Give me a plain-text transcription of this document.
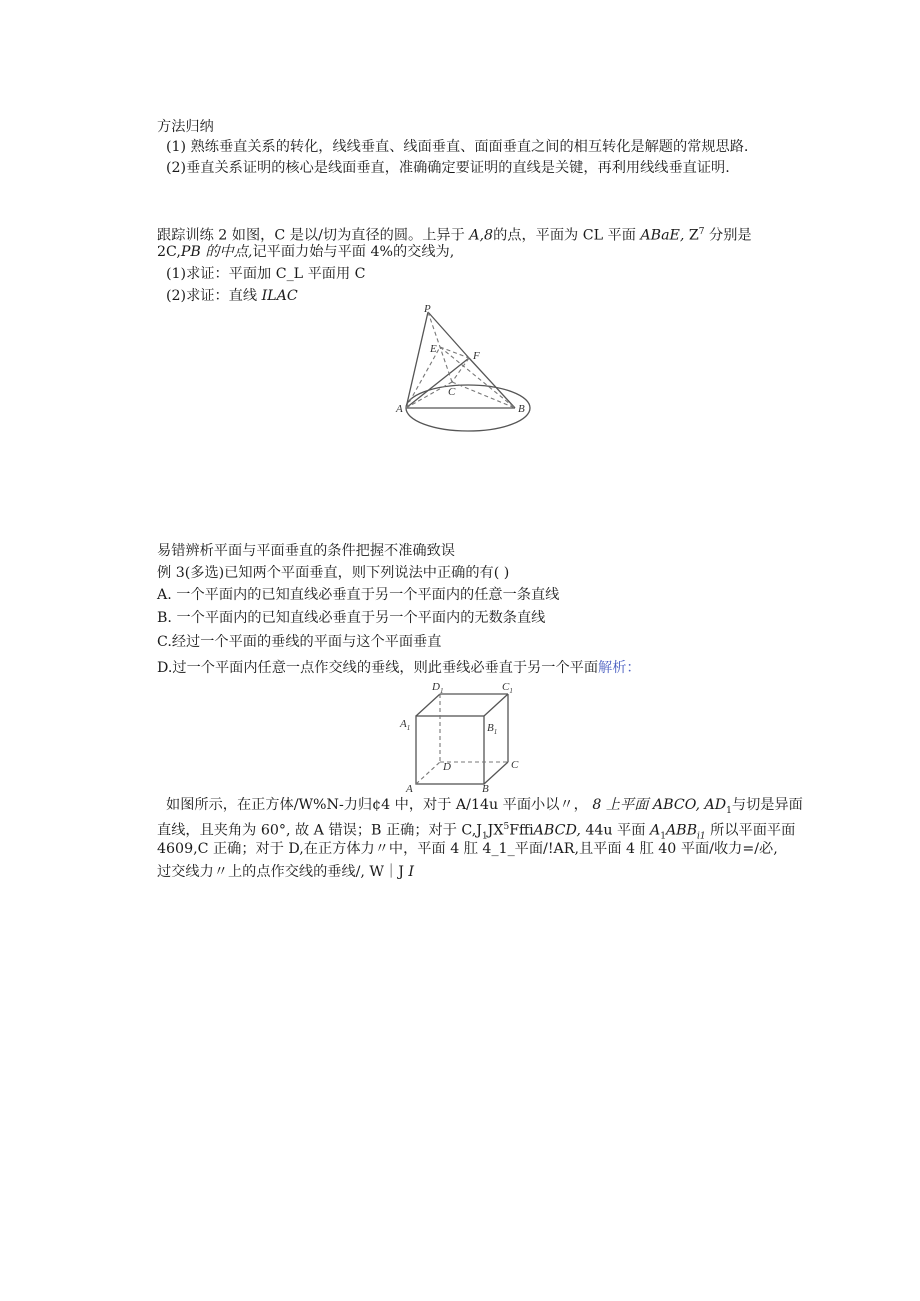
方法归纳
(1) 熟练垂直关系的转化，线线垂直、线面垂直、面面垂直之间的相互转化是解题的常规思路.
(2)垂直关系证明的核心是线面垂直，准确确定要证明的直线是关键，再利用线线垂直证明.
跟踪训练 2 如图，C 是以/切为直径的圆。上异于 A,8的点，平面为 CL 平面 ABaE, $Z^7$ 分别是
2C,PB 的中点,记平面力始与平面 4%的交线为,
(1)求证：平面加 C_L 平面用 C
(2)求证：直线 ILAC
P
E
F
C
A	B
易错辨析平面与平面垂直的条件把握不准确致误
例 3(多选)已知两个平面垂直，则下列说法中正确的有( )
A. 一个平面内的已知直线必垂直于另一个平面内的任意一条直线
B. 一个平面内的已知直线必垂直于另一个平面内的无数条直线
C.经过一个平面的垂线的平面与这个平面垂直
D.过一个平面内任意一点作交线的垂线，则此垂线必垂直于另一个平面解析：
$D_1$	$C_1$
$A_1$	$B_1$
D	C
A	B
如图所示，在正方体/W%N-力归¢4 中，对于 A/14u 平面小以〃， 8 上平面 ABCO, $AD_1$与切是异面
直线，且夹角为 60°, 故 A 错误；B 正确；对于 $C,J_1JX^5FffiABCD$, 44u 平面 $A_1ABB_{i1}$ 所以平面平面
4609,C 正确；对于 D,在正方体力〃中，平面 4 肛 4_1_平面/!AR,且平面 4 肛 40 平面/收力=/必,
过交线力〃上的点作交线的垂线/, W｜J I
